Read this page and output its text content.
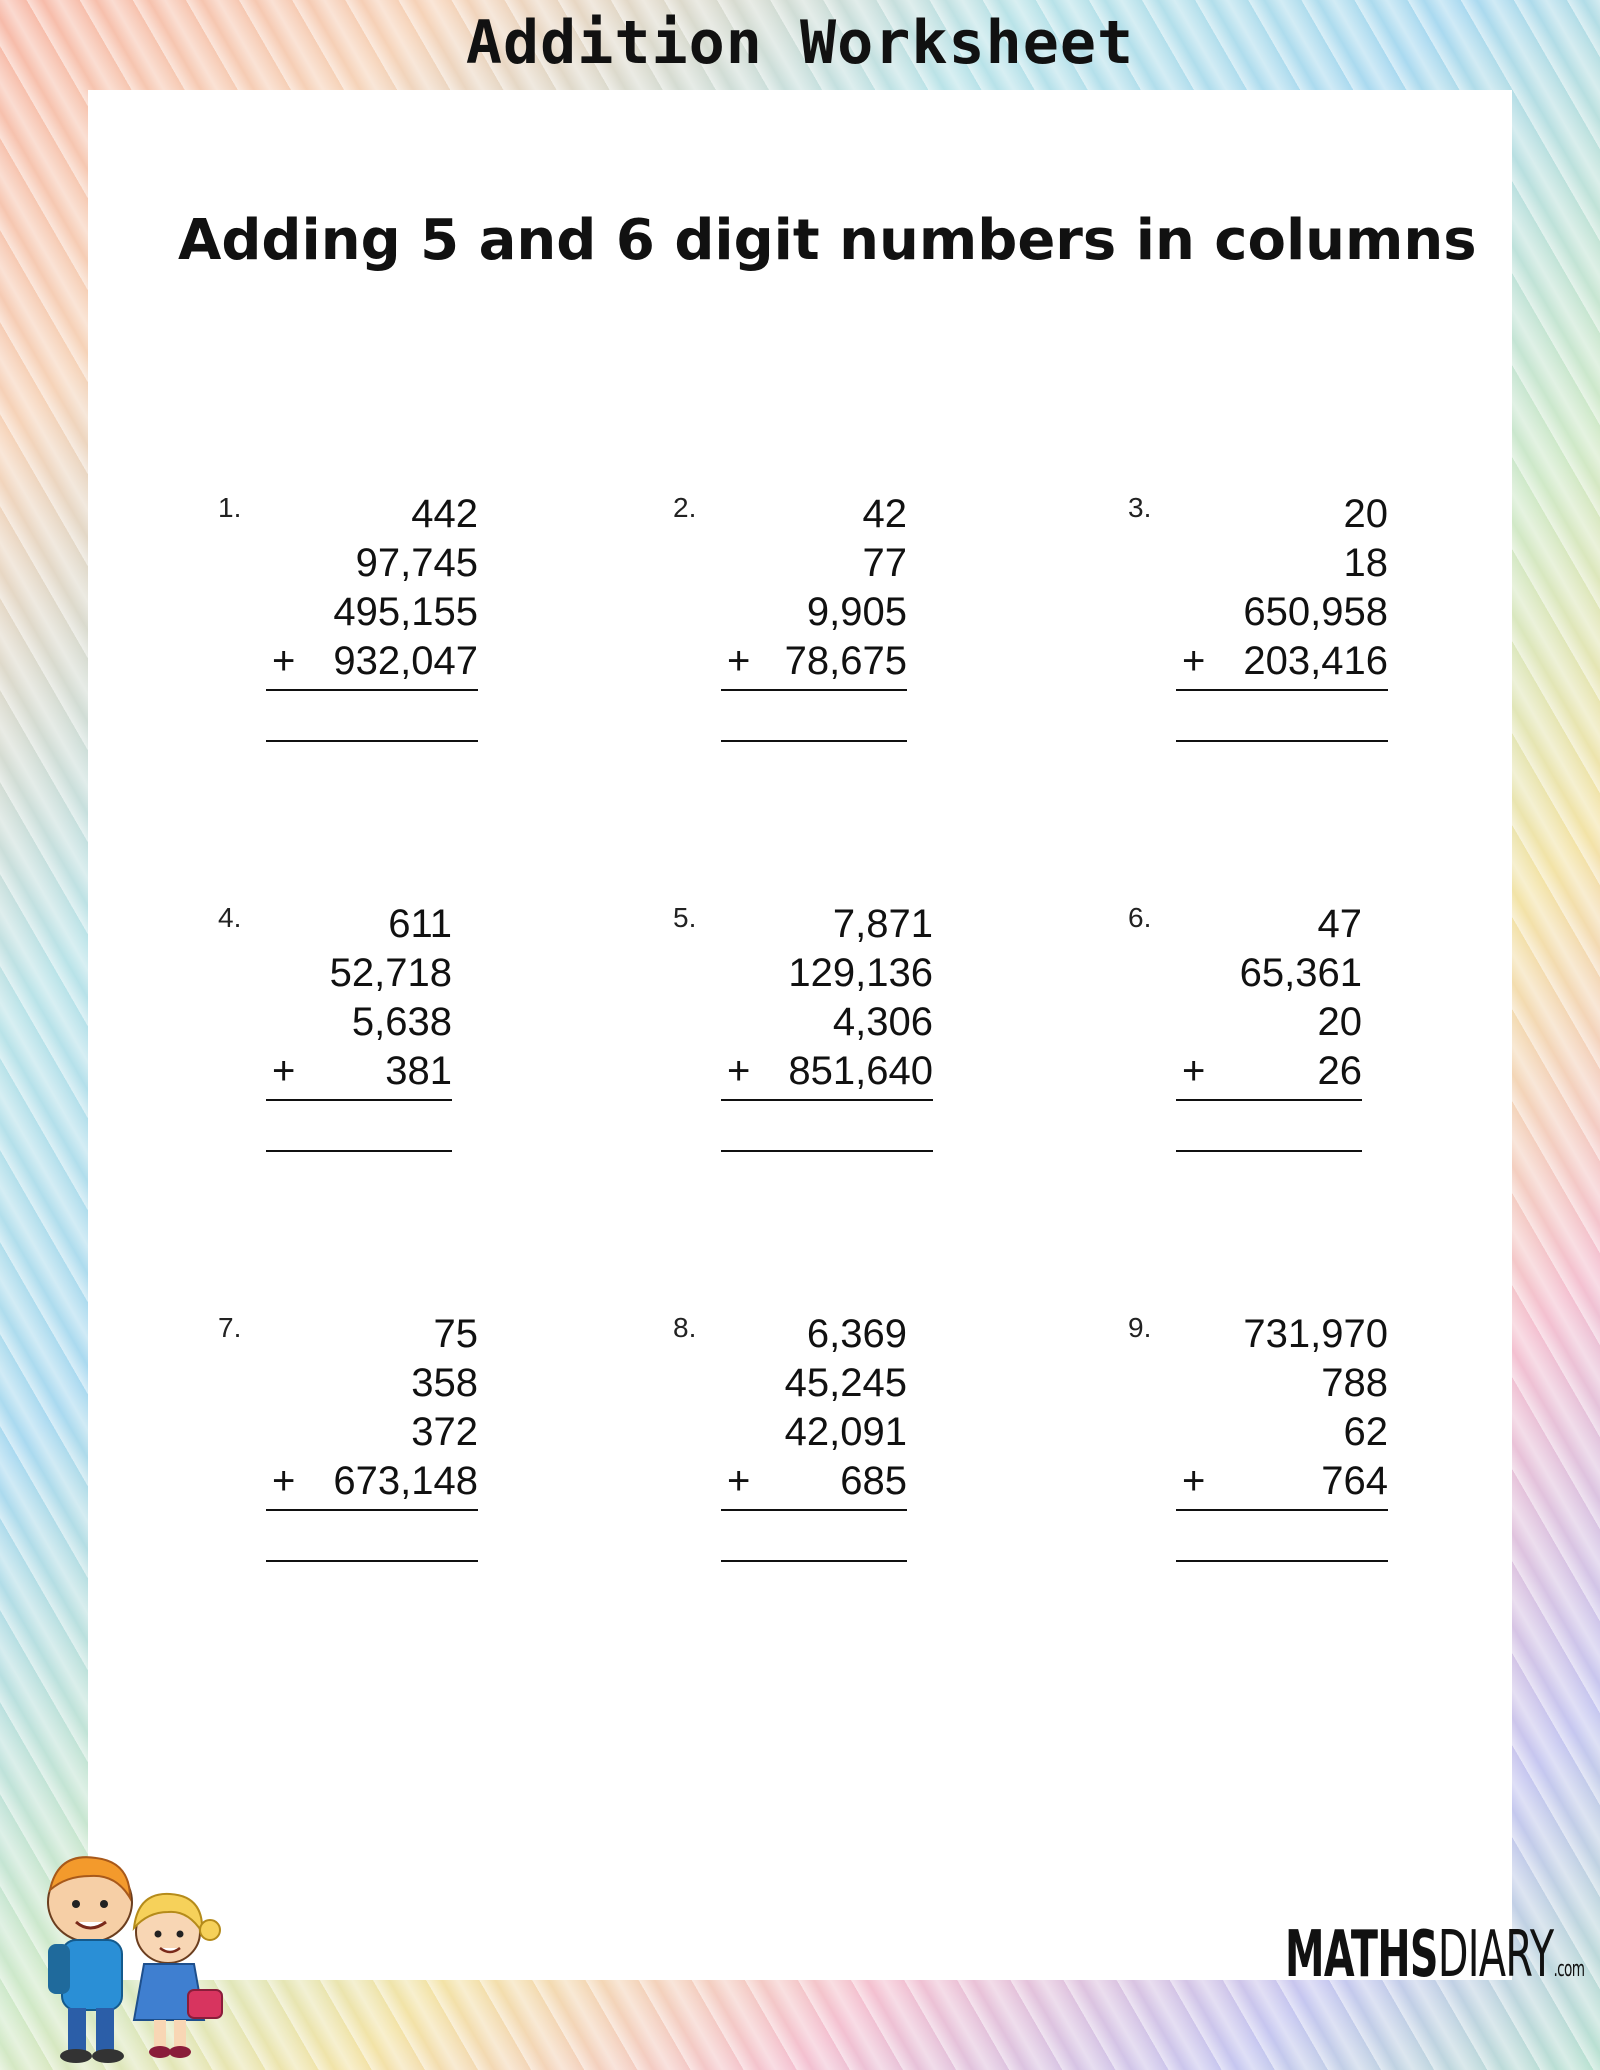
Addition Worksheet
Adding 5 and 6 digit numbers in columns
1.	442
97,745
495,155
+ 932,047
2.	42
77
9,905
+ 78,675
3.	20
18
650,958
+ 203,416
4.	611
52,718
5,638
+ 381
5.	7,871
129,136
4,306
+ 851,640
6.	47
65,361
20
+	26
7.	75
358
372
+ 673,148
8.	6,369
45,245
42,091
+ 685
9.	731,970
788
62
+	764
MATHSDIARY.com
